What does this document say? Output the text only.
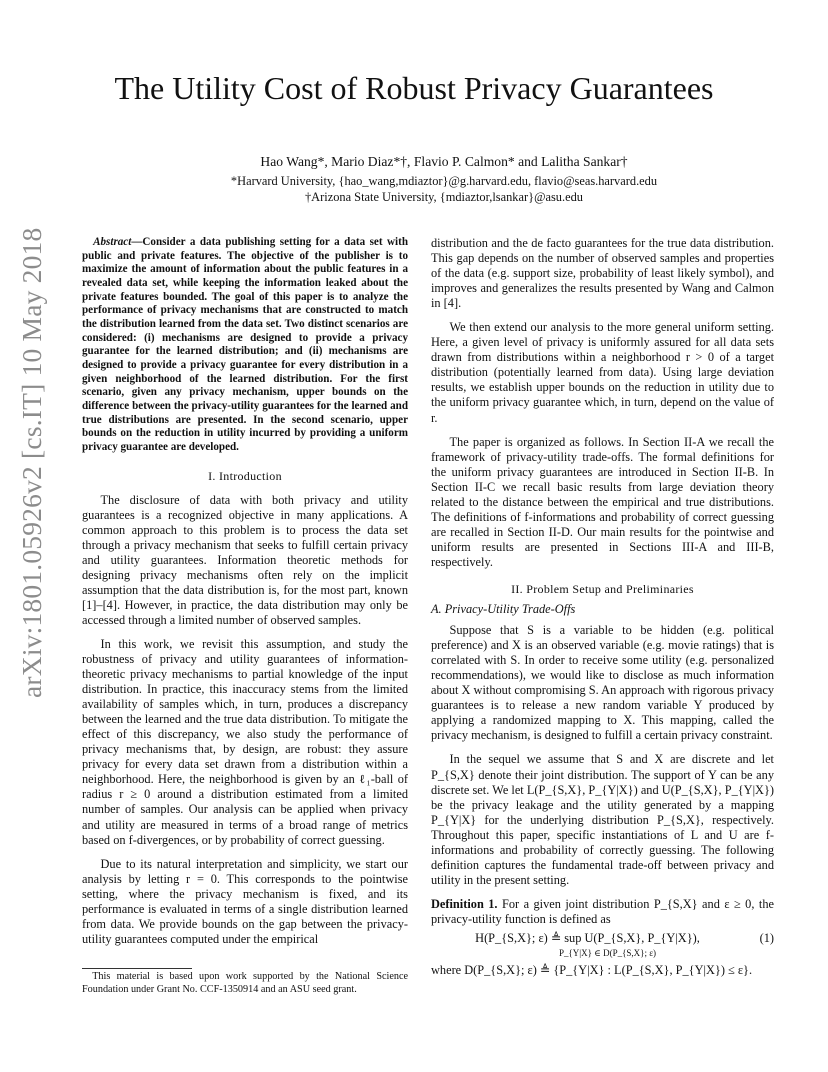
arXiv:1801.05926v2 [cs.IT] 10 May 2018
The Utility Cost of Robust Privacy Guarantees
Hao Wang*, Mario Diaz*†, Flavio P. Calmon* and Lalitha Sankar†
*Harvard University, {hao_wang,mdiaztor}@g.harvard.edu, flavio@seas.harvard.edu
†Arizona State University, {mdiaztor,lsankar}@asu.edu

Abstract—Consider a data publishing setting for a data set with public and private features. The objective of the publisher is to maximize the amount of information about the public features in a revealed data set, while keeping the information leaked about the private features bounded. The goal of this paper is to analyze the performance of privacy mechanisms that are constructed to match the distribution learned from the data set. Two distinct scenarios are considered: (i) mechanisms are designed to provide a privacy guarantee for the learned distribution; and (ii) mechanisms are designed to provide a privacy guarantee for every distribution in a given neighborhood of the learned distribution. For the first scenario, given any privacy mechanism, upper bounds on the difference between the privacy-utility guarantees for the learned and true distributions are presented. In the second scenario, upper bounds on the reduction in utility incurred by providing a uniform privacy guarantee are developed.

I. Introduction

The disclosure of data with both privacy and utility guarantees is a recognized objective in many applications. A common approach to this problem is to process the data set through a privacy mechanism that seeks to fulfill certain privacy and utility guarantees. Information theoretic methods for designing privacy mechanisms often rely on the implicit assumption that the data distribution is, for the most part, known [1]–[4]. However, in practice, the data distribution may only be accessed through a limited number of observed samples.

In this work, we revisit this assumption, and study the robustness of privacy and utility guarantees of information-theoretic privacy mechanisms to partial knowledge of the input distribution. In practice, this inaccuracy stems from the limited availability of samples which, in turn, produces a discrepancy between the learned and the true data distribution. To mitigate the effect of this discrepancy, we also study the performance of privacy mechanisms that, by design, are robust: they assure privacy for every data set drawn from a distribution within a neighborhood. Here, the neighborhood is given by an ℓ₁-ball of radius r ≥ 0 around a distribution estimated from a limited number of samples. Our analysis can be applied when privacy and utility are measured in terms of a broad range of metrics based on f-divergences, or by probability of correct guessing.

Due to its natural interpretation and simplicity, we start our analysis by letting r = 0. This corresponds to the pointwise setting, where the privacy mechanism is fixed, and its performance is evaluated in terms of a single distribution learned from data. We provide bounds on the gap between the privacy-utility guarantees computed under the empirical

distribution and the de facto guarantees for the true data distribution. This gap depends on the number of observed samples and properties of the data (e.g. support size, probability of least likely symbol), and improves and generalizes the results presented by Wang and Calmon in [4].

We then extend our analysis to the more general uniform setting. Here, a given level of privacy is uniformly assured for all data sets drawn from distributions within a neighborhood r > 0 of a target distribution (potentially learned from data). Using large deviation results, we establish upper bounds on the reduction in utility due to the uniform privacy guarantee which, in turn, depend on the value of r.

The paper is organized as follows. In Section II-A we recall the framework of privacy-utility trade-offs. The formal definitions for the uniform privacy guarantees are introduced in Section II-B. In Section II-C we recall basic results from large deviation theory related to the distance between the empirical and true distributions. The definitions of f-informations and probability of correct guessing are recalled in Section II-D. Our main results for the pointwise and uniform results are presented in Sections III-A and III-B, respectively.

II. Problem Setup and Preliminaries

A. Privacy-Utility Trade-Offs

Suppose that S is a variable to be hidden (e.g. political preference) and X is an observed variable (e.g. movie ratings) that is correlated with S. In order to receive some utility (e.g. personalized recommendations), we would like to disclose as much information about X without compromising S. An approach with rigorous privacy guarantees is to release a new random variable Y produced by applying a randomized mapping to X. This mapping, called the privacy mechanism, is designed to fulfill a certain privacy constraint.

In the sequel we assume that S and X are discrete and let P_{S,X} denote their joint distribution. The support of Y can be any discrete set. We let L(P_{S,X}, P_{Y|X}) and U(P_{S,X}, P_{Y|X}) be the privacy leakage and the utility generated by a mapping P_{Y|X} for the underlying distribution P_{S,X}, respectively. Throughout this paper, specific instantiations of L and U are f-informations and probability of correctly guessing. The following definition captures the fundamental trade-off between privacy and utility in the present setting.

Definition 1. For a given joint distribution P_{S,X} and ε ≥ 0, the privacy-utility function is defined as

H(P_{S,X}; ε) ≜ sup U(P_{S,X}, P_{Y|X}),
P_{Y|X} ∈ D(P_{S,X}; ε)
(1)

where D(P_{S,X}; ε) ≜ {P_{Y|X} : L(P_{S,X}, P_{Y|X}) ≤ ε}.

This material is based upon work supported by the National Science Foundation under Grant No. CCF-1350914 and an ASU seed grant.
